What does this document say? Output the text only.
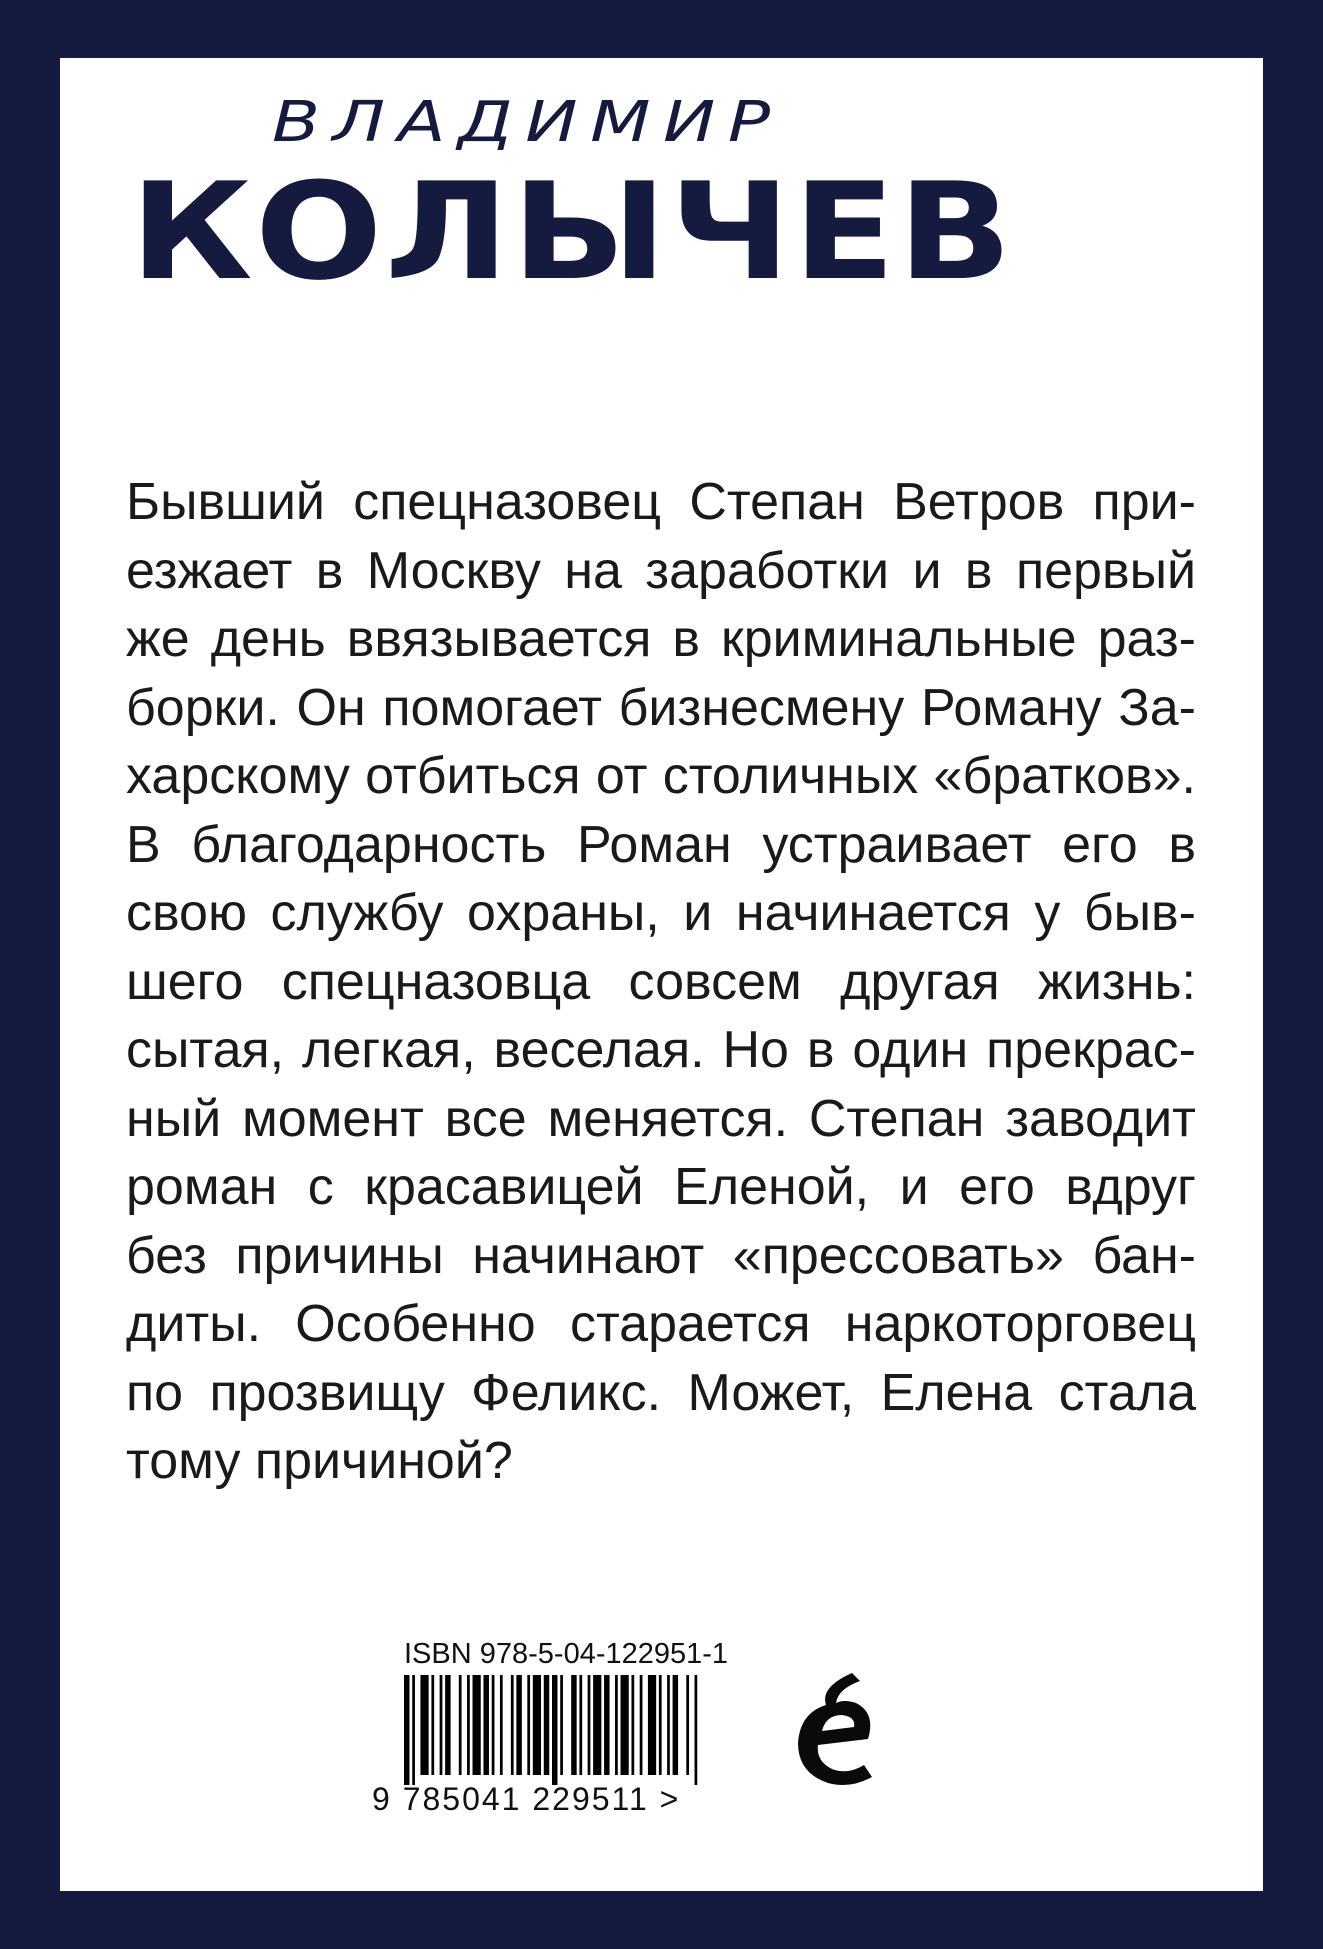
ВЛАДИМИР
КОЛЫЧЕВ
Бывший спецназовец Степан Ветров при-
езжает в Москву на заработки и в первый
же день ввязывается в криминальные раз-
борки. Он помогает бизнесмену Роману За-
харскому отбиться от столичных «братков».
В благодарность Роман устраивает его в
свою службу охраны, и начинается у быв-
шего спецназовца совсем другая жизнь:
сытая, легкая, веселая. Но в один прекрас-
ный момент все меняется. Степан заводит
роман с красавицей Еленой, и его вдруг
без причины начинают «прессовать» бан-
диты. Особенно старается наркоторговец
по прозвищу Феликс. Может, Елена стала
тому причиной?
ISBN 978-5-04-122951-1
9 785041 229511 >
